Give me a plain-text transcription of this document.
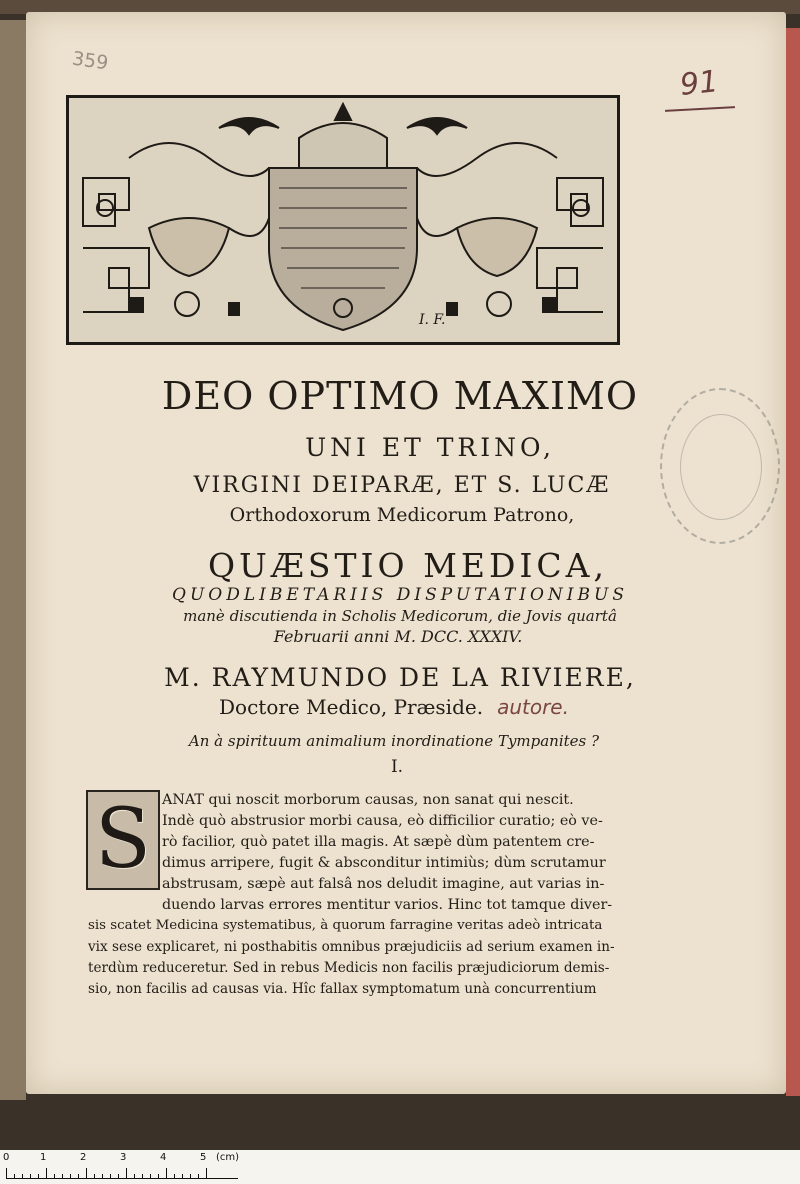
359
91
I. F.
DEO OPTIMO MAXIMO
UNI ET TRINO,
VIRGINI DEIPARÆ, ET S. LUCÆ
Orthodoxorum Medicorum Patrono,
QUÆSTIO MEDICA,
QUODLIBETARIIS DISPUTATIONIBUS
manè discutienda in Scholis Medicorum, die Jovis quartâ
Februarii anni M. DCC. XXXIV.
M. RAYMUNDO DE LA RIVIERE,
Doctore Medico, Præside. autore.
An à spirituum animalium inordinatione Tympanites ?
I.
S ANAT qui noscit morborum causas, non sanat qui nescit.
Indè quò abstrusior morbi causa, eò difficilior curatio; eò ve-
rò facilior, quò patet illa magis. At sæpè dùm patentem cre-
dimus arripere, fugit & absconditur intimiùs; dùm scrutamur
abstrusam, sæpè aut falsâ nos deludit imagine, aut varias in-
duendo larvas errores mentitur varios. Hinc tot tamque diver-
sis scatet Medicina systematibus, à quorum farragine veritas adeò intricata
vix sese explicaret, ni posthabitis omnibus præjudiciis ad serium examen in-
terdùm reduceretur. Sed in rebus Medicis non facilis præjudiciorum demis-
sio, non facilis ad causas via. Hîc fallax symptomatum unà concurrentium
0	1	2	3	4	5 (cm)
